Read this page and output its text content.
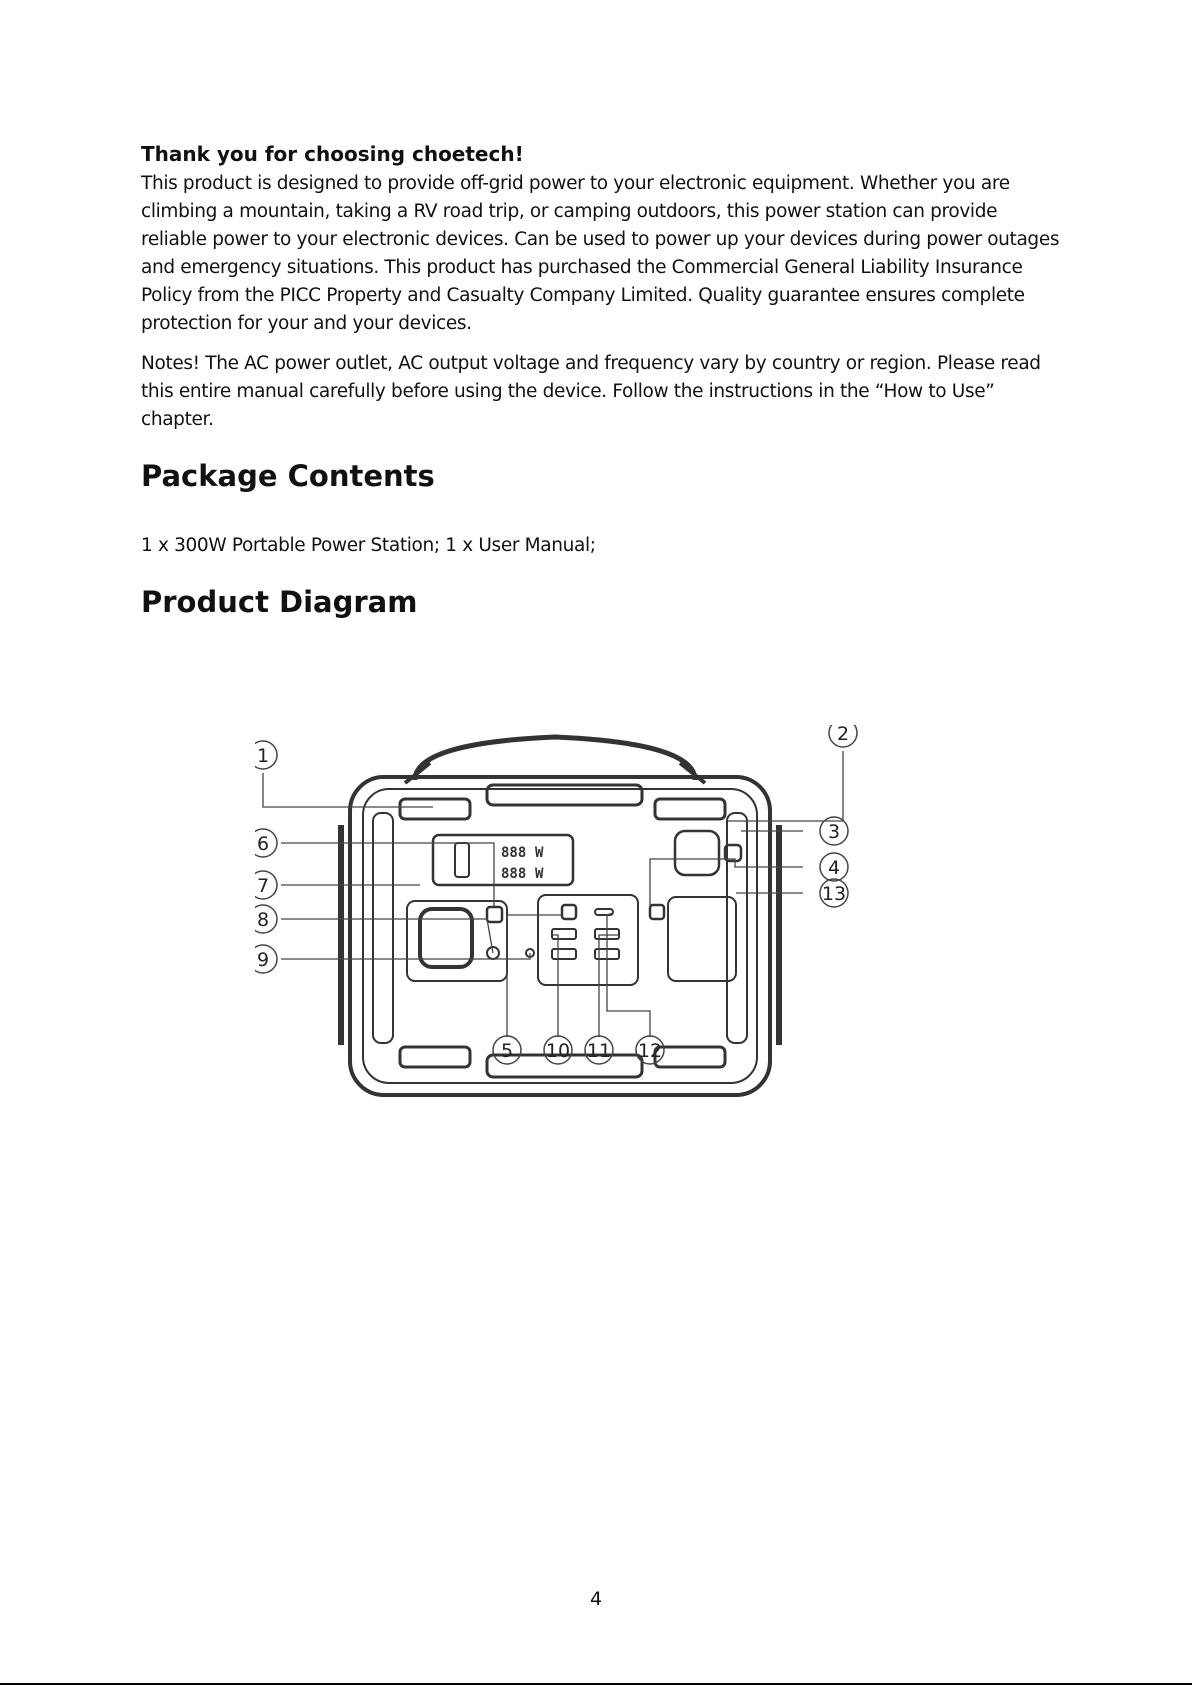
Thank you for choosing choetech!

This product is designed to provide off-grid power to your electronic equipment. Whether you are climbing a mountain, taking a RV road trip, or camping outdoors, this power station can provide reliable power to your electronic devices. Can be used to power up your devices during power outages and emergency situations. This product has purchased the Commercial General Liability Insurance Policy from the PICC Property and Casualty Company Limited. Quality guarantee ensures complete protection for your and your devices.

Notes! The AC power outlet, AC output voltage and frequency vary by country or region. Please read this entire manual carefully before using the device. Follow the instructions in the “How to Use” chapter.

Package Contents

1 x 300W Portable Power Station; 1 x User Manual;

Product Diagram
888
888
W
W
1
2
3
4
5
6
7
8
9
10 11 12
13
4
